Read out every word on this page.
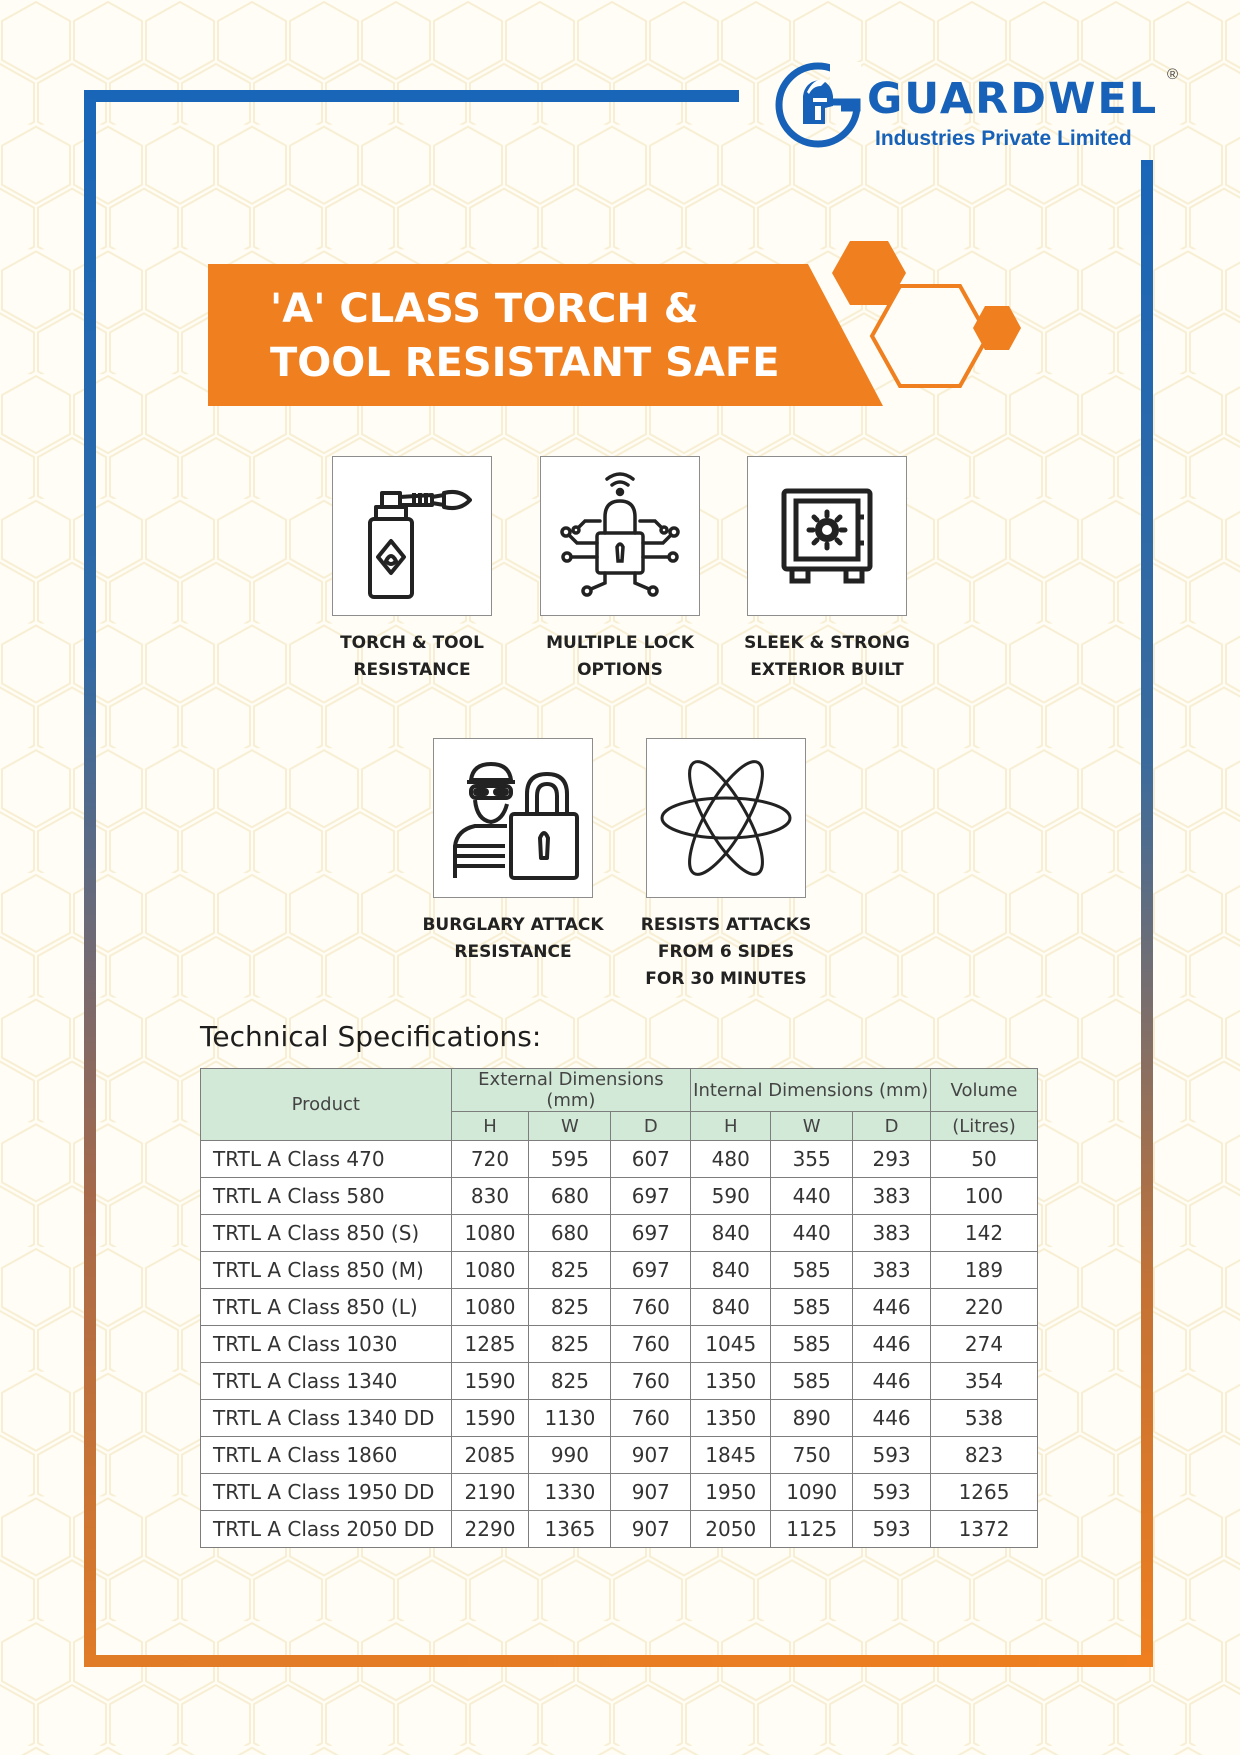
GUARDWEL
Industries Private Limited
®
'A' CLASS TORCH &
TOOL RESISTANT SAFE
TORCH & TOOL
RESISTANCE
MULTIPLE LOCK
OPTIONS
SLEEK & STRONG
EXTERIOR BUILT
BURGLARY ATTACK
RESISTANCE
RESISTS ATTACKS
FROM 6 SIDES
FOR 30 MINUTES
Technical Specifications:
Product	External Dimensions (mm)			Internal Dimensions (mm)			Volume
	H	W	D	H	W	D	(Litres)
TRTL A Class 470	720	595	607	480	355	293	50
TRTL A Class 580	830	680	697	590	440	383	100
TRTL A Class 850 (S)	1080	680	697	840	440	383	142
TRTL A Class 850 (M)	1080	825	697	840	585	383	189
TRTL A Class 850 (L)	1080	825	760	840	585	446	220
TRTL A Class 1030	1285	825	760	1045	585	446	274
TRTL A Class 1340	1590	825	760	1350	585	446	354
TRTL A Class 1340 DD	1590	1130	760	1350	890	446	538
TRTL A Class 1860	2085	990	907	1845	750	593	823
TRTL A Class 1950 DD	2190	1330	907	1950	1090	593	1265
TRTL A Class 2050 DD	2290	1365	907	2050	1125	593	1372
